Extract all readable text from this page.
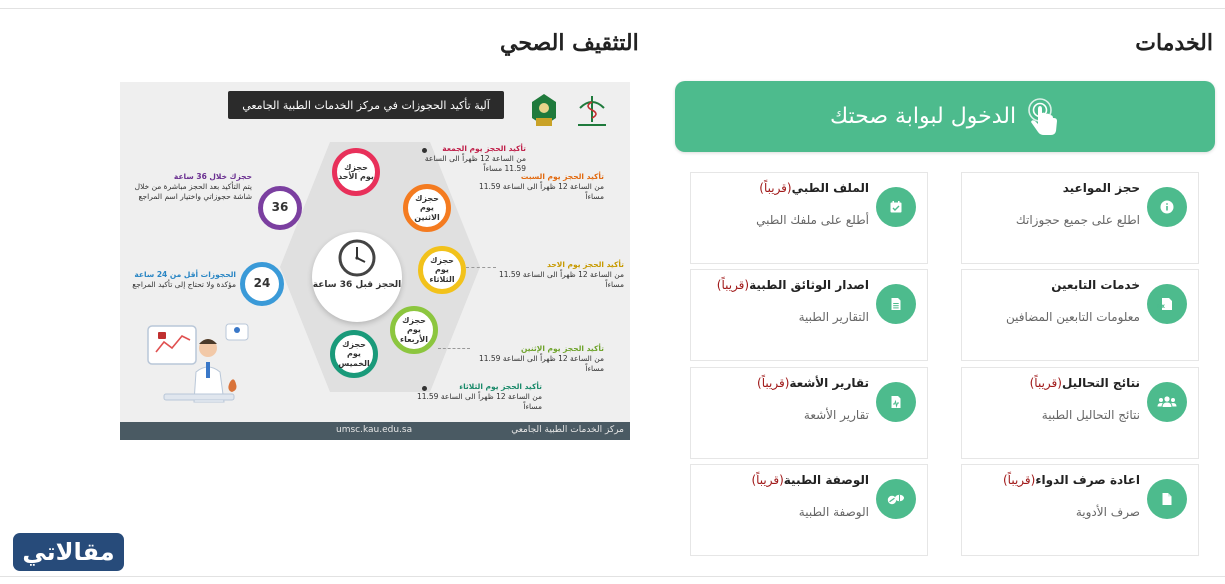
الخدمات
التثقيف الصحي
الدخول لبوابة صحتك
حجز المواعيد
اطلع على جميع حجوزاتك
الملف الطبي(قريباً)
أطلع على ملفك الطبي
Rx
خدمات التابعين
معلومات التابعين المضافين
اصدار الوثائق الطبية(قريباً)
التقارير الطبية
نتائج التحاليل(قريباً)
نتائج التحاليل الطبية
تقارير الأشعة(قريباً)
تقارير الأشعة
اعادة صرف الدواء(قريباً)
صرف الأدوية
الوصفة الطبية(قريباً)
الوصفة الطبية
آلية تأكيد الحجوزات في مركز الخدمات الطبية الجامعي
الحجز قبل 36 ساعة
حجزك يوم الأحد
حجزك يوم الاثنين
حجزك يوم الثلاثاء
حجزك يوم الأربعاء
حجزك يوم الخميس
36
24
تأكيد الحجز يوم الجمعة
من الساعة 12 ظهراً الى الساعة 11.59 مساءاً
تأكيد الحجز يوم السبت
من الساعة 12 ظهراً الى الساعة 11.59 مساءاً
تأكيد الحجز يوم الاحد
من الساعة 12 ظهراً الى الساعة 11.59 مساءاً
تأكيد الحجز يوم الإثنين
من الساعة 12 ظهراً الى الساعة 11.59 مساءاً
تأكيد الحجز يوم الثلاثاء
من الساعة 12 ظهراً الى الساعة 11.59 مساءاً
حجزك خلال 36 ساعة
يتم التأكيد بعد الحجز مباشرة من خلال شاشة حجوزاتي واختيار اسم المراجع
الحجوزات أقل من 24 ساعة
مؤكدة ولا تحتاج إلى تأكيد المراجع
umsc.kau.edu.sa	مركز الخدمات الطبية الجامعي
مقالاتي
